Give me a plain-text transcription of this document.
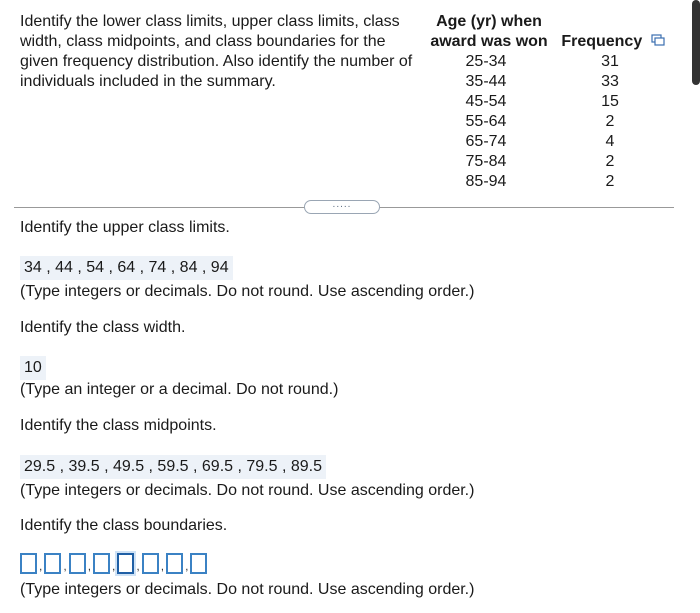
Identify the lower class limits, upper class limits, class width, class midpoints, and class boundaries for the given frequency distribution. Also identify the number of individuals included in the summary.
Age (yr) when
award was won	Frequency
25-34	31
35-44	33
45-54	15
55-64	2
65-74	4
75-84	2
85-94	2
.....
Identify the upper class limits.
34 , 44 , 54 , 64 , 74 , 84 , 94
(Type integers or decimals. Do not round. Use ascending order.)
Identify the class width.
10
(Type an integer or a decimal. Do not round.)
Identify the class midpoints.
29.5 , 39.5 , 49.5 , 59.5 , 69.5 , 79.5 , 89.5
(Type integers or decimals. Do not round. Use ascending order.)
Identify the class boundaries.
, , , , , , ,
(Type integers or decimals. Do not round. Use ascending order.)
